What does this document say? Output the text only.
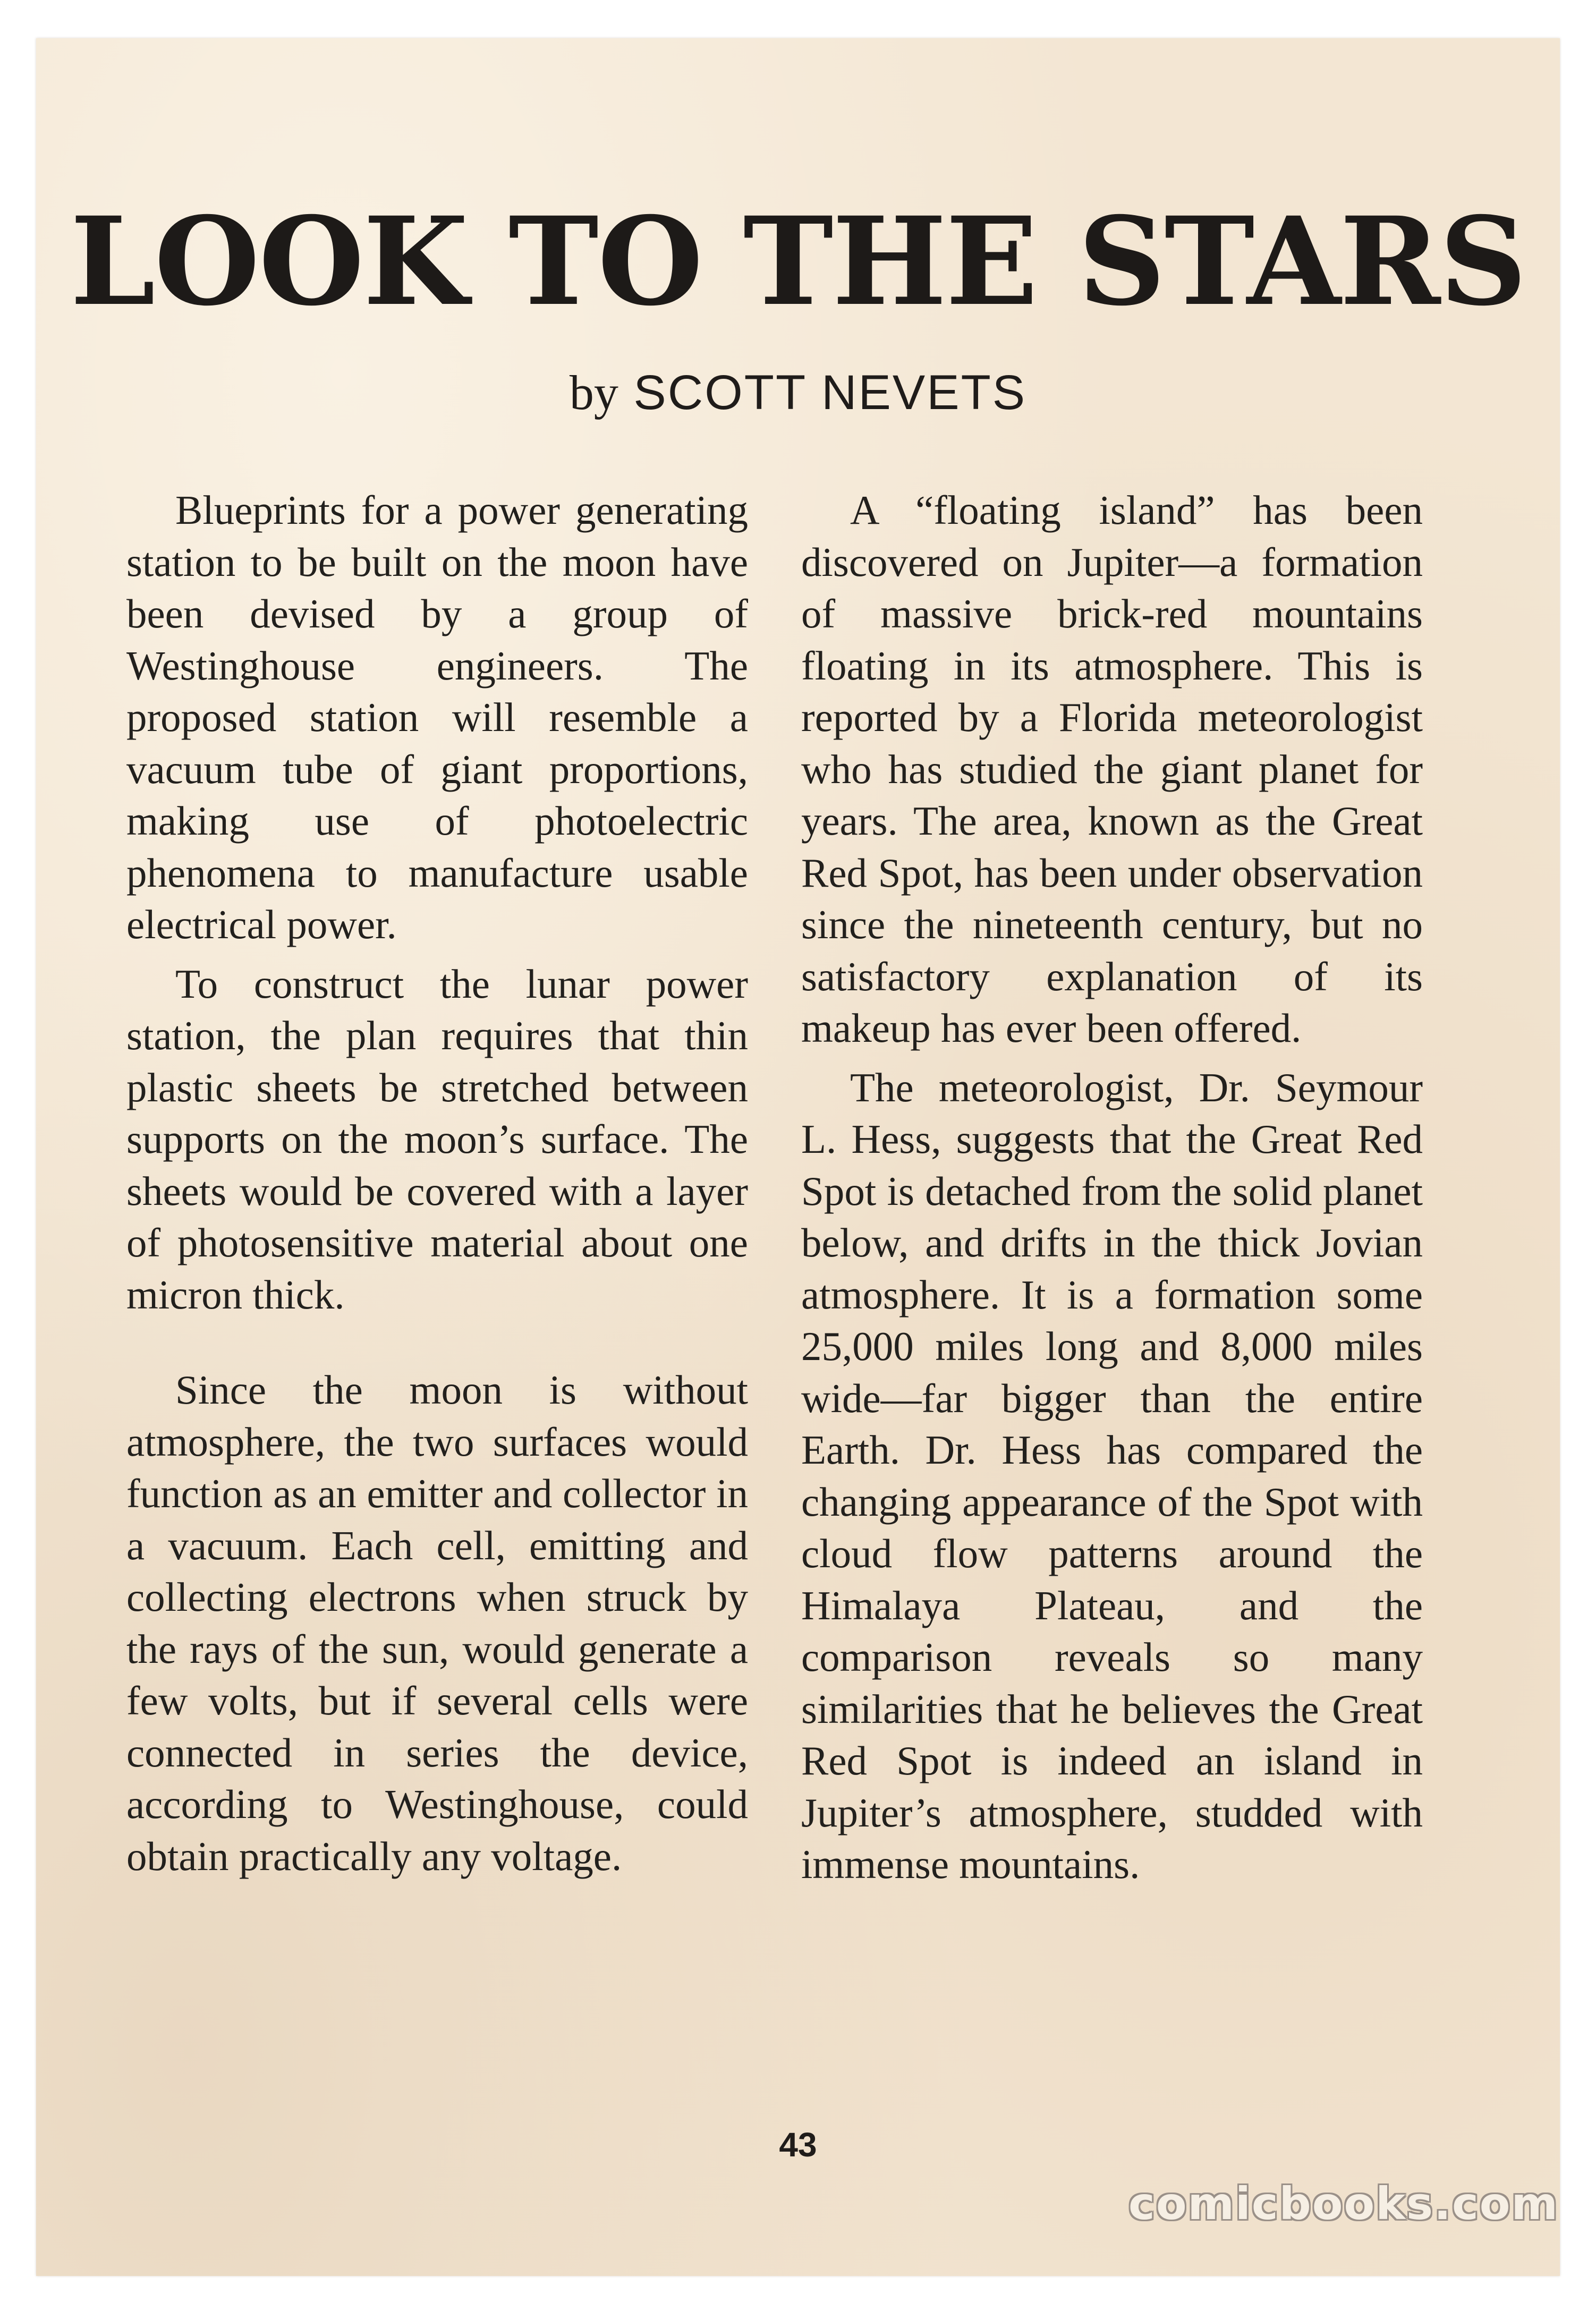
LOOK TO THE STARS
by SCOTT NEVETS

Blueprints for a power generating station to be built on the moon have been devised by a group of Westinghouse engineers. The proposed station will resemble a vacuum tube of giant proportions, making use of photoelectric phenomena to manufacture usable electrical power.

To construct the lunar power station, the plan requires that thin plastic sheets be stretched between supports on the moon’s surface. The sheets would be covered with a layer of photosensitive material about one micron thick.

Since the moon is without atmosphere, the two surfaces would function as an emitter and collector in a vacuum. Each cell, emitting and collecting electrons when struck by the rays of the sun, would generate a few volts, but if several cells were connected in series the device, according to Westinghouse, could obtain practically any voltage.

A “floating island” has been discovered on Jupiter—a formation of massive brick-red mountains floating in its atmosphere. This is reported by a Florida meteorologist who has studied the giant planet for years. The area, known as the Great Red Spot, has been under observation since the nineteenth century, but no satisfactory explanation of its makeup has ever been offered.

The meteorologist, Dr. Seymour L. Hess, suggests that the Great Red Spot is detached from the solid planet below, and drifts in the thick Jovian atmosphere. It is a formation some 25,000 miles long and 8,000 miles wide—far bigger than the entire Earth. Dr. Hess has compared the changing appearance of the Spot with cloud flow patterns around the Himalaya Plateau, and the comparison reveals so many similarities that he believes the Great Red Spot is indeed an island in Jupiter’s atmosphere, studded with immense mountains.

43
comicbooks.com
